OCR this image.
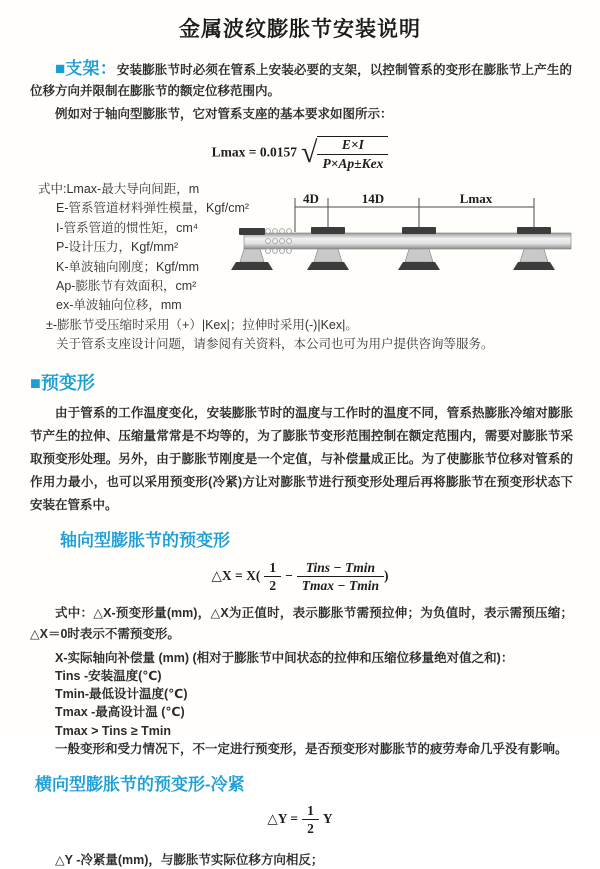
金属波纹膨胀节安装说明

■支架：安装膨胀节时必须在管系上安装必要的支架，以控制管系的变形在膨胀节上产生的位移方向并限制在膨胀节的额定位移范围内。

例如对于轴向型膨胀节，它对管系支座的基本要求如图所示：

Lmax = 0.0157 √ $\frac{E\times I}{\text{P×Ap±Kex}}$
式中:Lmax-最大导向间距，m
E-管系管道材料弹性模量，Kgf/cm²
I-管系管道的惯性矩，cm⁴
P-设计压力，Kgf/mm²
K-单波轴向刚度；Kgf/mm
Ap-膨胀节有效面积，cm²
ex-单波轴向位移，mm
±-膨胀节受压缩时采用（+）|Kex|；拉伸时采用(-)|Kex|。
关于管系支座设计问题，请参阅有关资料，本公司也可为用户提供咨询等服务。
4D	14D	Lmax
■预变形

由于管系的工作温度变化，安装膨胀节时的温度与工作时的温度不同，管系热膨胀冷缩对膨胀节产生的拉伸、压缩量常常是不均等的，为了膨胀节变形范围控制在额定范围内，需要对膨胀节采取预变形处理。另外，由于膨胀节刚度是一个定值，与补偿量成正比。为了使膨胀节位移对管系的作用力最小，也可以采用预变形(冷紧)方让对膨胀节进行预变形处理后再将膨胀节在预变形状态下安装在管系中。

轴向型膨胀节的预变形
△X = $X( \frac{1}{2} - \frac{\text{Tins − Tmin}}{Tmax - Tmin}$ )

式中：△X-预变形量(mm)，△X为正值时，表示膨胀节需预拉伸；为负值时，表示需预压缩；△X＝0时表示不需预变形。

X-实际轴向补偿量 (mm) (相对于膨胀节中间状态的拉伸和压缩位移量绝对值之和)：
Tins -安装温度(℃)
Tmin-最低设计温度(℃)
Tmax -最高设计温 (℃)
Tmax > Tins ≥ Tmin
一般变形和受力情况下，不一定进行预变形，是否预变形对膨胀节的疲劳寿命几乎没有影响。
横向型膨胀节的预变形-冷紧
△Y = $\frac{1}{2}$ Y

△Y -冷紧量(mm)，与膨胀节实际位移方向相反；
